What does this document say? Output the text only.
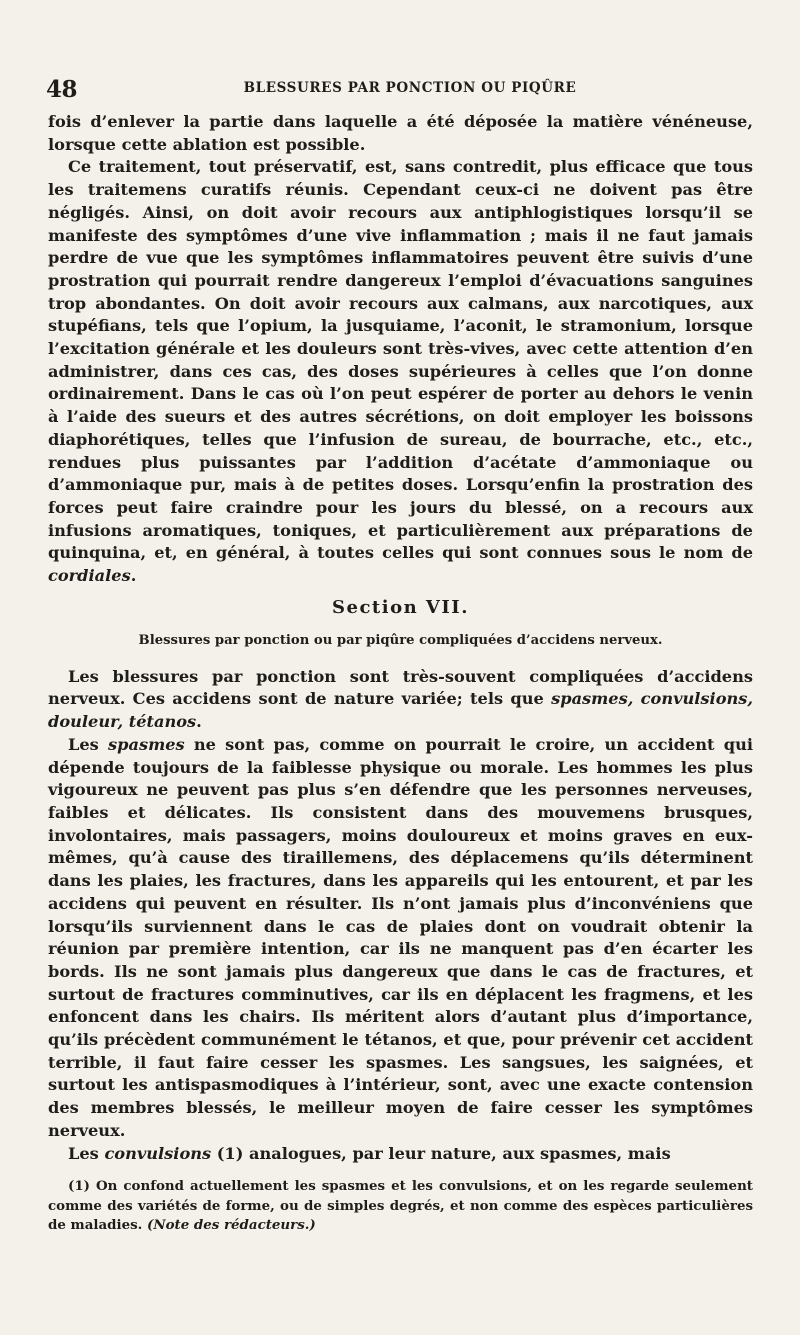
48	BLESSURES PAR PONCTION OU PIQÛRE

fois d’enlever la partie dans laquelle a été déposée la matière vénéneuse, lorsque cette ablation est possible.

Ce traitement, tout préservatif, est, sans contredit, plus efficace que tous les traitemens curatifs réunis. Cependant ceux-ci ne doivent pas être négligés. Ainsi, on doit avoir recours aux antiphlogistiques lorsqu’il se manifeste des symptômes d’une vive inflammation ; mais il ne faut jamais perdre de vue que les symptômes inflammatoires peuvent être suivis d’une prostration qui pourrait rendre dangereux l’emploi d’évacuations sanguines trop abondantes. On doit avoir recours aux calmans, aux narcotiques, aux stupéfians, tels que l’opium, la jusquiame, l’aconit, le stramonium, lorsque l’excitation générale et les douleurs sont très-vives, avec cette attention d’en administrer, dans ces cas, des doses supérieures à celles que l’on donne ordinairement. Dans le cas où l’on peut espérer de porter au dehors le venin à l’aide des sueurs et des autres sécrétions, on doit employer les boissons diaphorétiques, telles que l’infusion de sureau, de bourrache, etc., etc., rendues plus puissantes par l’addition d’acétate d’ammoniaque ou d’ammoniaque pur, mais à de petites doses. Lorsqu’enfin la prostration des forces peut faire craindre pour les jours du blessé, on a recours aux infusions aromatiques, toniques, et particulièrement aux préparations de quinquina, et, en général, à toutes celles qui sont connues sous le nom de cordiales.

Section VII.
Blessures par ponction ou par piqûre compliquées d’accidens nerveux.

Les blessures par ponction sont très-souvent compliquées d’accidens nerveux. Ces accidens sont de nature variée; tels que spasmes, convulsions, douleur, tétanos.

Les spasmes ne sont pas, comme on pourrait le croire, un accident qui dépende toujours de la faiblesse physique ou morale. Les hommes les plus vigoureux ne peuvent pas plus s’en défendre que les personnes nerveuses, faibles et délicates. Ils consistent dans des mouvemens brusques, involontaires, mais passagers, moins douloureux et moins graves en eux-mêmes, qu’à cause des tiraillemens, des déplacemens qu’ils déterminent dans les plaies, les fractures, dans les appareils qui les entourent, et par les accidens qui peuvent en résulter. Ils n’ont jamais plus d’inconvéniens que lorsqu’ils surviennent dans le cas de plaies dont on voudrait obtenir la réunion par première intention, car ils ne manquent pas d’en écarter les bords. Ils ne sont jamais plus dangereux que dans le cas de fractures, et surtout de fractures comminutives, car ils en déplacent les fragmens, et les enfoncent dans les chairs. Ils méritent alors d’autant plus d’importance, qu’ils précèdent communément le tétanos, et que, pour prévenir cet accident terrible, il faut faire cesser les spasmes. Les sangsues, les saignées, et surtout les antispasmodiques à l’intérieur, sont, avec une exacte contension des membres blessés, le meilleur moyen de faire cesser les symptômes nerveux.

Les convulsions (1) analogues, par leur nature, aux spasmes, mais

(1) On confond actuellement les spasmes et les convulsions, et on les regarde seulement comme des variétés de forme, ou de simples degrés, et non comme des espèces particulières de maladies. (Note des rédacteurs.)
